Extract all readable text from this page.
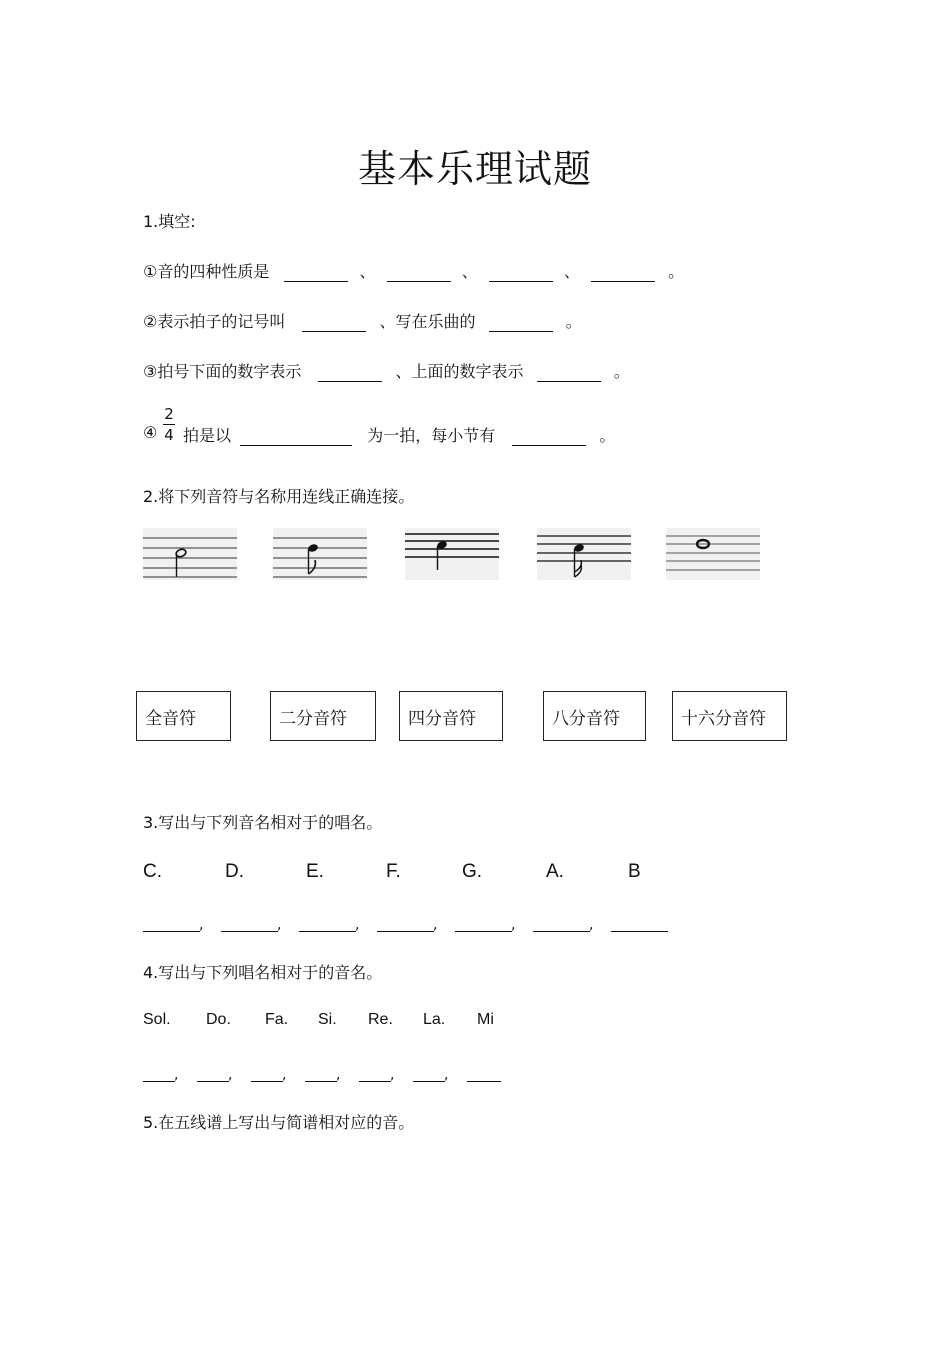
基本乐理试题
1.填空:
①音的四种性质是	、	、	、	。
②表示拍子的记号叫	、写在乐曲的	。
③拍号下面的数字表示	、上面的数字表示	。
④
2
4 拍是以	为一拍，每小节有	。
2.将下列音符与名称用连线正确连接。
全音符	二分音符	四分音符	八分音符	十六分音符
3.写出与下列音名相对于的唱名。
C.	D.	E.	F.	G.	A.	B
,	,	,	,	,	,
4.写出与下列唱名相对于的音名。
Sol. Do. Fa. Si. Re. La. Mi
,	,	,	,	,	,
5.在五线谱上写出与简谱相对应的音。
